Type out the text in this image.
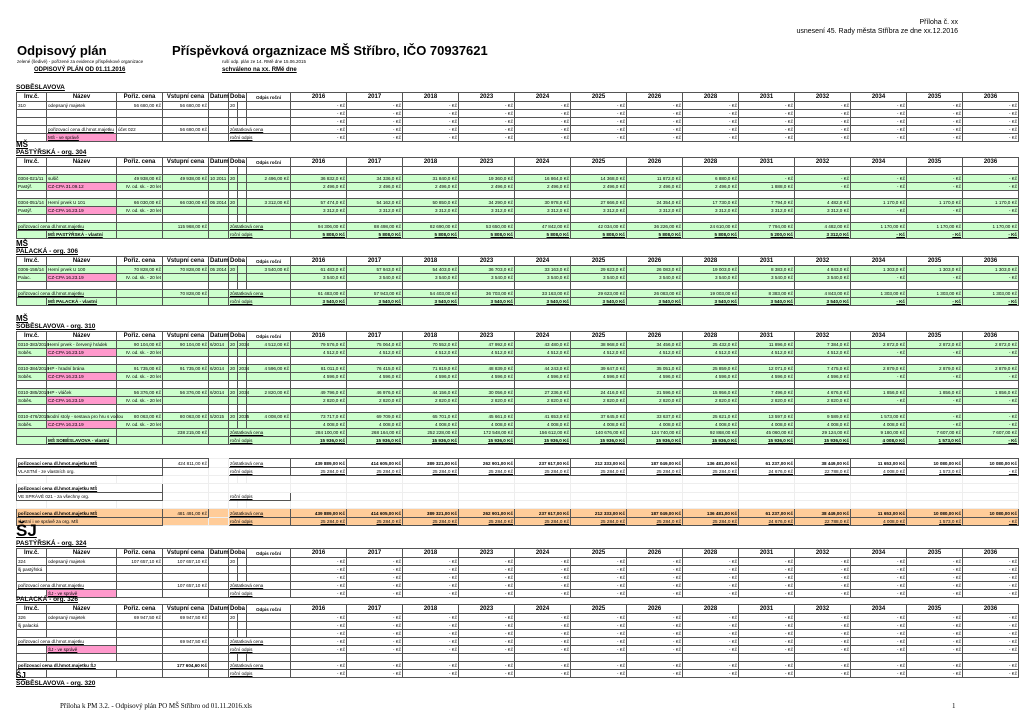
Příloha č. xx
usnesení 45. Rady města Stříbra ze dne xx.12.2016
Odpisový plán	Příspěvková orgaznizace MŠ Stříbro, IČO 70937621
zelené (šedivé) - pořízené za evidence příspěvkové organizace	ruší odp. plán ze 14. RMě dne 15.06.2015
ODPISOVÝ PLÁN OD 01.11.2016	schváleno na xx. RMě dne
SOBĚSLAVOVA
Inv.č.	Název	Pořiz. cena	Vstupní cena	Datum	Doba		Odpis roční	2016	2017	2018	2023	2024	2025	2026	2028	2031	2032	2034	2035	2036
310	odepsaný majetek	56 680,00 Kč	56 680,00 Kč		20			- Kč	- Kč	- Kč	- Kč	- Kč	- Kč	- Kč	- Kč	- Kč	- Kč	- Kč	- Kč	- Kč
								- Kč	- Kč	- Kč	- Kč	- Kč	- Kč	- Kč	- Kč	- Kč	- Kč	- Kč	- Kč	- Kč
								- Kč	- Kč	- Kč	- Kč	- Kč	- Kč	- Kč	- Kč	- Kč	- Kč	- Kč	- Kč	- Kč
	pořizovací cena dl.hmot.majetku	účet 022	56 680,00 Kč		zůstatková cena			- Kč	- Kč	- Kč	- Kč	- Kč	- Kč	- Kč	- Kč	- Kč	- Kč	- Kč	- Kč	- Kč
	MŠ - ve správě				roční odpis			- Kč	- Kč	- Kč	- Kč	- Kč	- Kč	- Kč	- Kč	- Kč	- Kč	- Kč	- Kč	- Kč
MŠ
PASTÝŘSKÁ - org. 304
Inv.č.	Název	Pořiz. cena	Vstupní cena	Datum	Doba		Odpis roční	2016	2017	2018	2023	2024	2025	2026	2028	2031	2032	2034	2035	2036

0304-021/11	sušič	49 938,00 Kč	49 938,00 Kč	10 2011	20		2 496,00 Kč	36 832,0 Kč	34 336,0 Kč	31 840,0 Kč	19 360,0 Kč	16 864,0 Kč	14 368,0 Kč	11 872,0 Kč	6 880,0 Kč	- Kč	- Kč	- Kč	- Kč	- Kč
Pastýř.	CZ-CPA 31.09.12	IV. od. sk. - 20 let						2 496,0 Kč	2 496,0 Kč	2 496,0 Kč	2 496,0 Kč	2 496,0 Kč	2 496,0 Kč	2 496,0 Kč	2 496,0 Kč	1 888,0 Kč	- Kč	- Kč	- Kč	- Kč

0304-051/14	Herní prvek U 101	66 030,00 Kč	66 030,00 Kč	05 2014	20		3 312,00 Kč	57 474,0 Kč	54 162,0 Kč	50 850,0 Kč	34 290,0 Kč	30 978,0 Kč	27 666,0 Kč	24 354,0 Kč	17 730,0 Kč	7 794,0 Kč	4 482,0 Kč	1 170,0 Kč	1 170,0 Kč	1 170,0 Kč
Pastýř.	CZ-CPA 16.23.19	IV. od. sk. - 20 let						3 312,0 Kč	3 312,0 Kč	3 312,0 Kč	3 312,0 Kč	3 312,0 Kč	3 312,0 Kč	3 312,0 Kč	3 312,0 Kč	3 312,0 Kč	3 312,0 Kč	- Kč	- Kč	- Kč

pořizovací cena dl.hmot.majetku			115 968,00 Kč		zůstatková cena			94 306,00 Kč	88 498,00 Kč	82 690,00 Kč	53 650,00 Kč	47 842,00 Kč	42 034,00 Kč	36 226,00 Kč	24 610,00 Kč	7 794,00 Kč	4 482,00 Kč	1 170,00 Kč	1 170,00 Kč	1 170,00 Kč
	MŠ PASTÝŘSKÁ - vlastní				roční odpis			5 808,0 Kč	5 808,0 Kč	5 808,0 Kč	5 808,0 Kč	5 808,0 Kč	5 808,0 Kč	5 808,0 Kč	5 808,0 Kč	5 200,0 Kč	3 312,0 Kč	- Kč	- Kč	- Kč
MŠ
PALACKÁ - org. 306
Inv.č.	Název	Pořiz. cena	Vstupní cena	Datum	Doba		Odpis roční	2016	2017	2018	2023	2024	2025	2026	2028	2031	2032	2034	2035	2036
0306-158/14	Herní prvek U 100	70 828,00 Kč	70 828,00 Kč	05 2014	20		3 540,00 Kč	61 483,0 Kč	57 943,0 Kč	54 403,0 Kč	36 703,0 Kč	33 163,0 Kč	29 623,0 Kč	26 083,0 Kč	19 003,0 Kč	8 383,0 Kč	4 843,0 Kč	1 303,0 Kč	1 303,0 Kč	1 303,0 Kč
Palac.	CZ-CPA 16.23.19	IV. od. sk. - 20 let						3 540,0 Kč	3 540,0 Kč	3 540,0 Kč	3 540,0 Kč	3 540,0 Kč	3 540,0 Kč	3 540,0 Kč	3 540,0 Kč	3 540,0 Kč	3 540,0 Kč	- Kč	- Kč	- Kč

pořizovací cena dl.hmot.majetku			70 828,00 Kč		zůstatková cena			61 483,00 Kč	57 943,00 Kč	54 403,00 Kč	36 703,00 Kč	33 163,00 Kč	29 623,00 Kč	26 083,00 Kč	19 003,00 Kč	8 383,00 Kč	4 843,00 Kč	1 303,00 Kč	1 303,00 Kč	1 303,00 Kč
	MŠ PALACKÁ - vlastní				roční odpis			3 540,0 Kč	3 540,0 Kč	3 540,0 Kč	3 540,0 Kč	3 540,0 Kč	3 540,0 Kč	3 540,0 Kč	3 540,0 Kč	3 540,0 Kč	3 540,0 Kč	- Kč	- Kč	- Kč
MŠ
SOBĚSLAVOVA - org. 310
Inv.č.	Název	Pořiz. cena	Vstupní cena	Datum	Doba		Odpis roční	2016	2017	2018	2023	2024	2025	2026	2028	2031	2032	2034	2035	2036
0310-383/2014	Herní prvek - červený hrádek	90 104,00 Kč	90 104,00 Kč	6/2014	20	2034	4 512,00 Kč	79 576,0 Kč	75 064,0 Kč	70 552,0 Kč	47 992,0 Kč	43 480,0 Kč	38 968,0 Kč	34 456,0 Kč	25 432,0 Kč	11 896,0 Kč	7 384,0 Kč	2 872,0 Kč	2 872,0 Kč	2 872,0 Kč
Soběs.	CZ-CPA 16.23.19	IV. od. sk. - 20 let						4 512,0 Kč	4 512,0 Kč	4 512,0 Kč	4 512,0 Kč	4 512,0 Kč	4 512,0 Kč	4 512,0 Kč	4 512,0 Kč	4 512,0 Kč	4 512,0 Kč	- Kč	- Kč	- Kč

0310-384/2014	HP - hradní brána	91 735,00 Kč	91 735,00 Kč	6/2014	20	2034	4 596,00 Kč	81 011,0 Kč	76 415,0 Kč	71 819,0 Kč	48 839,0 Kč	44 243,0 Kč	39 647,0 Kč	35 051,0 Kč	25 859,0 Kč	12 071,0 Kč	7 475,0 Kč	2 879,0 Kč	2 879,0 Kč	2 879,0 Kč
Soběs.	CZ-CPA 16.23.19	IV. od. sk. - 20 let						4 596,0 Kč	4 596,0 Kč	4 596,0 Kč	4 596,0 Kč	4 596,0 Kč	4 596,0 Kč	4 596,0 Kč	4 596,0 Kč	4 596,0 Kč	4 596,0 Kč	- Kč	- Kč	- Kč

0310-385/2014	HP - vláček	56 376,00 Kč	56 376,00 Kč	6/2014	20	2034	2 820,00 Kč	49 796,0 Kč	46 976,0 Kč	44 156,0 Kč	30 056,0 Kč	27 236,0 Kč	24 416,0 Kč	21 596,0 Kč	15 956,0 Kč	7 496,0 Kč	4 676,0 Kč	1 856,0 Kč	1 856,0 Kč	1 856,0 Kč
Soběs.	CZ-CPA 16.23.19	IV. od. sk. - 20 let						2 820,0 Kč	2 820,0 Kč	2 820,0 Kč	2 820,0 Kč	2 820,0 Kč	2 820,0 Kč	2 820,0 Kč	2 820,0 Kč	2 820,0 Kč	2 820,0 Kč	- Kč	- Kč	- Kč

0310-476/2015	vodní stoly - sestava pro hru s vodou	80 063,00 Kč	80 063,00 Kč	5/2015	20	2035	4 008,00 Kč	73 717,0 Kč	69 709,0 Kč	65 701,0 Kč	45 661,0 Kč	41 653,0 Kč	37 645,0 Kč	33 637,0 Kč	25 621,0 Kč	13 597,0 Kč	9 589,0 Kč	1 573,00 Kč	- Kč	- Kč
Soběs.	CZ-CPA 16.23.19	IV. od. sk. - 20 let						4 008,0 Kč	4 008,0 Kč	4 008,0 Kč	4 008,0 Kč	4 008,0 Kč	4 008,0 Kč	4 008,0 Kč	4 008,0 Kč	4 008,0 Kč	4 008,0 Kč	4 008,0 Kč	- Kč	- Kč
			238 215,00 Kč		zůstatková cena			284 100,00 Kč	268 164,00 Kč	252 228,00 Kč	172 548,00 Kč	156 612,00 Kč	140 676,00 Kč	124 740,00 Kč	92 868,00 Kč	45 060,00 Kč	29 124,00 Kč	9 180,00 Kč	7 607,00 Kč	7 607,00 Kč
	MŠ SOBĚSLAVOVA - vlastní				roční odpis			15 936,0 Kč	15 936,0 Kč	15 936,0 Kč	15 936,0 Kč	15 936,0 Kč	15 936,0 Kč	15 936,0 Kč	15 936,0 Kč	15 936,0 Kč	15 936,0 Kč	4 008,0 Kč	1 573,0 Kč	- Kč
pořizovací cena dl.hmot.majetku MŠ			424 811,00 Kč		zůstatková cena			439 889,00 Kč	414 605,00 Kč	389 321,00 Kč	262 901,00 Kč	237 617,00 Kč	212 333,00 Kč	187 049,00 Kč	136 481,00 Kč	61 237,00 Kč	38 449,00 Kč	11 653,00 Kč	10 080,00 Kč	10 080,00 Kč
VLASTNÍ - ze vlastních org.					roční odpis			25 284,0 Kč	25 284,0 Kč	25 284,0 Kč	25 284,0 Kč	25 284,0 Kč	25 284,0 Kč	25 284,0 Kč	25 284,0 Kč	24 676,0 Kč	22 788,0 Kč	4 008,0 Kč	1 573,0 Kč	- Kč

pořizovací cena dl.hmot.majetku MŠ																				
VE SPRÁVĚ 021 - za všechny org.					roční odpis															

pořizovací cena dl.hmot.majetku MŠ			481 491,00 Kč		zůstatková cena			439 889,00 Kč	414 605,00 Kč	389 321,00 Kč	262 901,00 Kč	237 617,00 Kč	212 333,00 Kč	187 049,00 Kč	136 481,00 Kč	61 237,00 Kč	38 449,00 Kč	11 653,00 Kč	10 080,00 Kč	10 080,00 Kč
vlastní i ve správě za org. MŠ					roční odpis			25 284,0 Kč	25 284,0 Kč	25 284,0 Kč	25 284,0 Kč	25 284,0 Kč	25 284,0 Kč	25 284,0 Kč	25 284,0 Kč	24 676,0 Kč	22 788,0 Kč	4 008,0 Kč	1 573,0 Kč	- Kč
ŠJ
PASTÝŘSKÁ - org. 324
Inv.č.	Název	Pořiz. cena	Vstupní cena	Datum	Doba		Odpis roční	2016	2017	2018	2023	2024	2025	2026	2028	2031	2032	2034	2035	2036
324	odepsaný majetek	107 657,10 Kč	107 657,10 Kč		20			- Kč	- Kč	- Kč	- Kč	- Kč	- Kč	- Kč	- Kč	- Kč	- Kč	- Kč	- Kč	- Kč
šj pastýřská								- Kč	- Kč	- Kč	- Kč	- Kč	- Kč	- Kč	- Kč	- Kč	- Kč	- Kč	- Kč	- Kč
								- Kč	- Kč	- Kč	- Kč	- Kč	- Kč	- Kč	- Kč	- Kč	- Kč	- Kč	- Kč	- Kč
pořizovací cena dl.hmot.majetku			107 657,10 Kč		zůstatková cena			- Kč	- Kč	- Kč	- Kč	- Kč	- Kč	- Kč	- Kč	- Kč	- Kč	- Kč	- Kč	- Kč
	ŠJ - ve správě				roční odpis			- Kč	- Kč	- Kč	- Kč	- Kč	- Kč	- Kč	- Kč	- Kč	- Kč	- Kč	- Kč	- Kč
PALACKÁ - org. 326
Inv.č.	Název	Pořiz. cena	Vstupní cena	Datum	Doba		Odpis roční	2016	2017	2018	2023	2024	2025	2026	2028	2031	2032	2034	2035	2036
326	odepsaný majetek	69 947,50 Kč	69 947,50 Kč		20			- Kč	- Kč	- Kč	- Kč	- Kč	- Kč	- Kč	- Kč	- Kč	- Kč	- Kč	- Kč	- Kč
šj palacká								- Kč	- Kč	- Kč	- Kč	- Kč	- Kč	- Kč	- Kč	- Kč	- Kč	- Kč	- Kč	- Kč
								- Kč	- Kč	- Kč	- Kč	- Kč	- Kč	- Kč	- Kč	- Kč	- Kč	- Kč	- Kč	- Kč
pořizovací cena dl.hmot.majetku			69 947,50 Kč		zůstatková cena			- Kč	- Kč	- Kč	- Kč	- Kč	- Kč	- Kč	- Kč	- Kč	- Kč	- Kč	- Kč	- Kč
	ŠJ - ve správě				roční odpis			- Kč	- Kč	- Kč	- Kč	- Kč	- Kč	- Kč	- Kč	- Kč	- Kč	- Kč	- Kč	- Kč

pořizovací cena dl.hmot.majetku ŠJ			177 604,60 Kč		zůstatková cena			- Kč	- Kč	- Kč	- Kč	- Kč	- Kč	- Kč	- Kč	- Kč	- Kč	- Kč	- Kč	- Kč
					roční odpis			- Kč	- Kč	- Kč	- Kč	- Kč	- Kč	- Kč	- Kč	- Kč	- Kč	- Kč	- Kč	- Kč
ŠJ
SOBĚSLAVOVA - org. 320
Příloha k PM 3.2. - Odpisový plán PO MŠ Stříbro od 01.11.2016.xls	1
